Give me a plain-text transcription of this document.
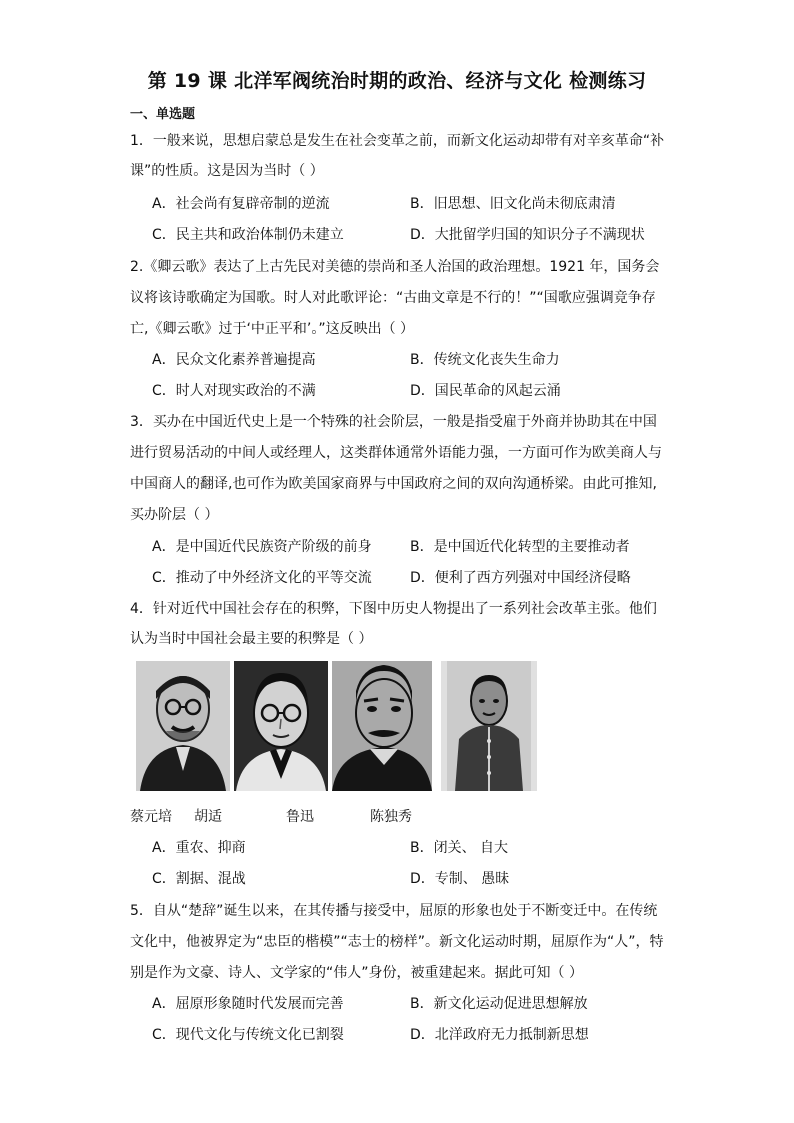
第 19 课 北洋军阀统治时期的政治、经济与文化 检测练习
一、单选题
1．一般来说，思想启蒙总是发生在社会变革之前，而新文化运动却带有对辛亥革命“补
课”的性质。这是因为当时（ ）
A．社会尚有复辟帝制的逆流	B．旧思想、旧文化尚未彻底肃清
C．民主共和政治体制仍未建立	D．大批留学归国的知识分子不满现状
2.《卿云歌》表达了上古先民对美德的崇尚和圣人治国的政治理想。1921 年，国务会
议将该诗歌确定为国歌。时人对此歌评论：“古曲文章是不行的！”“国歌应强调竞争存
亡,《卿云歌》过于‘中正平和’。”这反映出（ ）
A．民众文化素养普遍提高	B．传统文化丧失生命力
C．时人对现实政治的不满	D．国民革命的风起云涌
3．买办在中国近代史上是一个特殊的社会阶层，一般是指受雇于外商并协助其在中国
进行贸易活动的中间人或经理人，这类群体通常外语能力强，一方面可作为欧美商人与
中国商人的翻译,也可作为欧美国家商界与中国政府之间的双向沟通桥梁。由此可推知,
买办阶层（ ）
A．是中国近代民族资产阶级的前身	B．是中国近代化转型的主要推动者
C．推动了中外经济文化的平等交流	D．便利了西方列强对中国经济侵略
4．针对近代中国社会存在的积弊，下图中历史人物提出了一系列社会改革主张。他们
认为当时中国社会最主要的积弊是（ ）
蔡元培 胡适	鲁迅	陈独秀
A．重农、抑商	B．闭关、 自大
C．割据、混战	D．专制、 愚昧
5．自从“楚辞”诞生以来，在其传播与接受中，屈原的形象也处于不断变迁中。在传统
文化中，他被界定为“忠臣的楷模”“志士的榜样”。新文化运动时期，屈原作为“人”，特
别是作为文豪、诗人、文学家的“伟人”身份，被重建起来。据此可知（ ）
A．屈原形象随时代发展而完善	B．新文化运动促进思想解放
C．现代文化与传统文化已割裂	D．北洋政府无力抵制新思想
